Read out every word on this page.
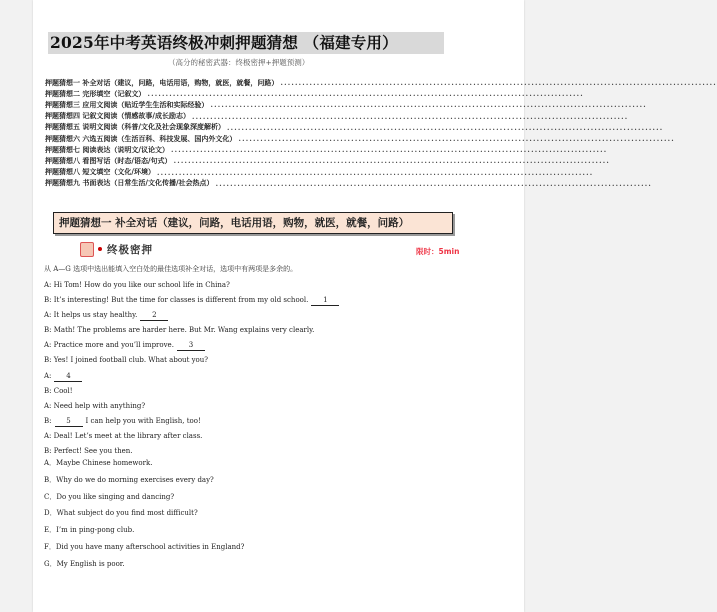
2025年中考英语终极冲刺押题猜想 （福建专用）
（高分的秘密武器：终极密押+押题预测）
押题猜想一 补全对话（建议，问路，电话用语，购物，就医，就餐，问路） ........................................................................................................................
押题猜想二 完形填空（记叙文） ........................................................................................................................
押题猜想三 应用文阅读（贴近学生生活和实际经验） ........................................................................................................................
押题猜想四 记叙文阅读（情感故事/成长励志） ........................................................................................................................
押题猜想五 说明文阅读（科普/文化及社会现象深度解析） ........................................................................................................................
押题猜想六 六选五阅读（生活百科、科技发展、国内外文化） ........................................................................................................................
押题猜想七 阅读表达（说明文/议论文） ........................................................................................................................
押题猜想八 看图写话（时态/语态/句式） ........................................................................................................................
押题猜想八 短文填空（文化/环境） ........................................................................................................................
押题猜想九 书面表达（日常生活/文化传播/社会热点） ........................................................................................................................
押题猜想一 补全对话（建议，问路，电话用语，购物，就医，就餐，问路）
终极密押	限时：5min
从 A—G 选项中选出能填入空白处的最佳选项补全对话，选项中有两项是多余的。
A: Hi Tom! How do you like our school life in China?
B: It’s interesting! But the time for classes is different from my old school. 1
A: It helps us stay healthy. 2
B: Math! The problems are harder here. But Mr. Wang explains very clearly.
A: Practice more and you’ll improve. 3
B: Yes! I joined football club. What about you?
A: 4
B: Cool!
A: Need help with anything?
B: 5 I can help you with English, too!
A: Deal! Let’s meet at the library after class.
B: Perfect! See you then.
A．Maybe Chinese homework.
B．Why do we do morning exercises every day?
C．Do you like singing and dancing?
D．What subject do you find most difficult?
E．I’m in ping-pong club.
F．Did you have many afterschool activities in England?
G．My English is poor.
